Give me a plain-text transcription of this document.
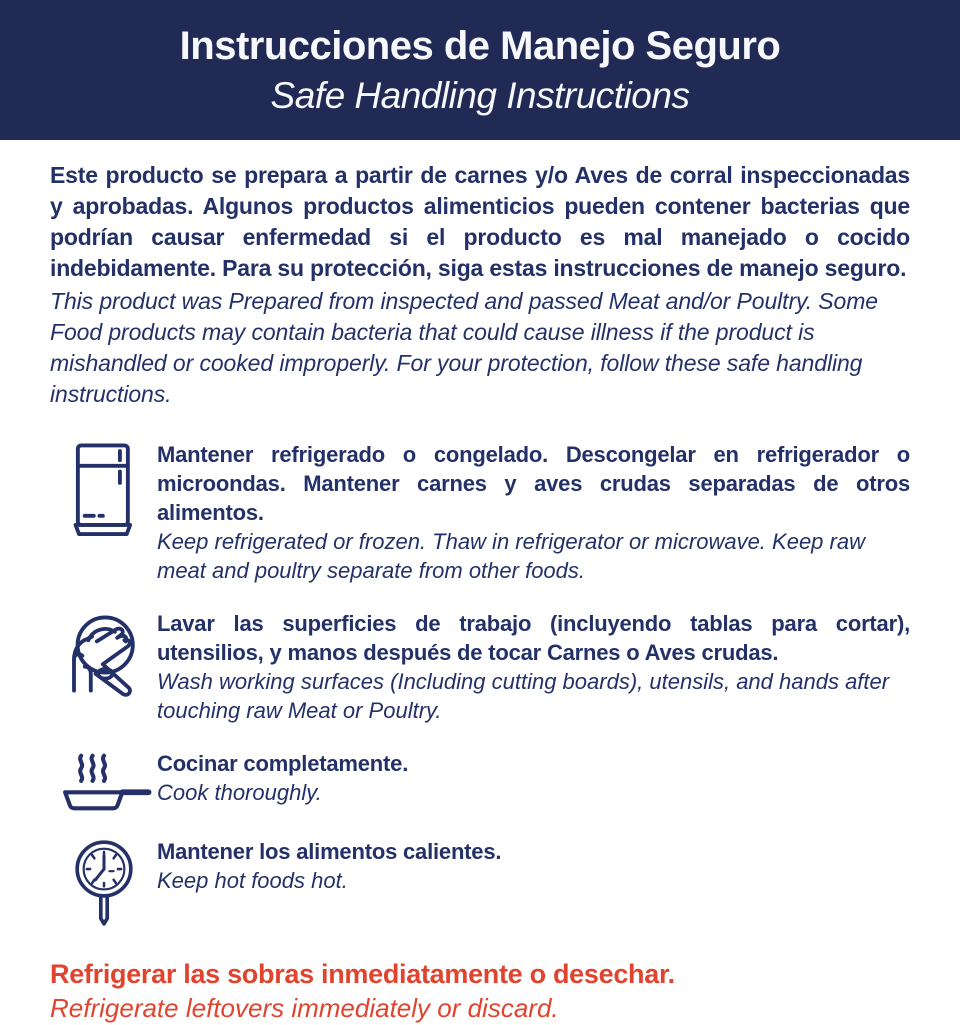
Instrucciones de Manejo Seguro
Safe Handling Instructions
Este producto se prepara a partir de carnes y/o Aves de corral inspeccionadas y aprobadas. Algunos productos alimenticios pueden contener bacterias que podrían causar enfermedad si el producto es mal manejado o cocido indebidamente. Para su protección, siga estas instrucciones de manejo seguro.
This product was Prepared from inspected and passed Meat and/or Poultry. Some Food products may contain bacteria that could cause illness if the product is mishandled or cooked improperly. For your protection, follow these safe handling instructions.
Mantener refrigerado o congelado. Descongelar en refrigerador o microondas. Mantener carnes y aves crudas separadas de otros alimentos.
Keep refrigerated or frozen. Thaw in refrigerator or microwave. Keep raw meat and poultry separate from other foods.
Lavar las superficies de trabajo (incluyendo tablas para cortar), utensilios, y manos después de tocar Carnes o Aves crudas.
Wash working surfaces (Including cutting boards), utensils, and hands after touching raw Meat or Poultry.
Cocinar completamente.
Cook thoroughly.
Mantener los alimentos calientes.
Keep hot foods hot.
Refrigerar las sobras inmediatamente o desechar.
Refrigerate leftovers immediately or discard.
